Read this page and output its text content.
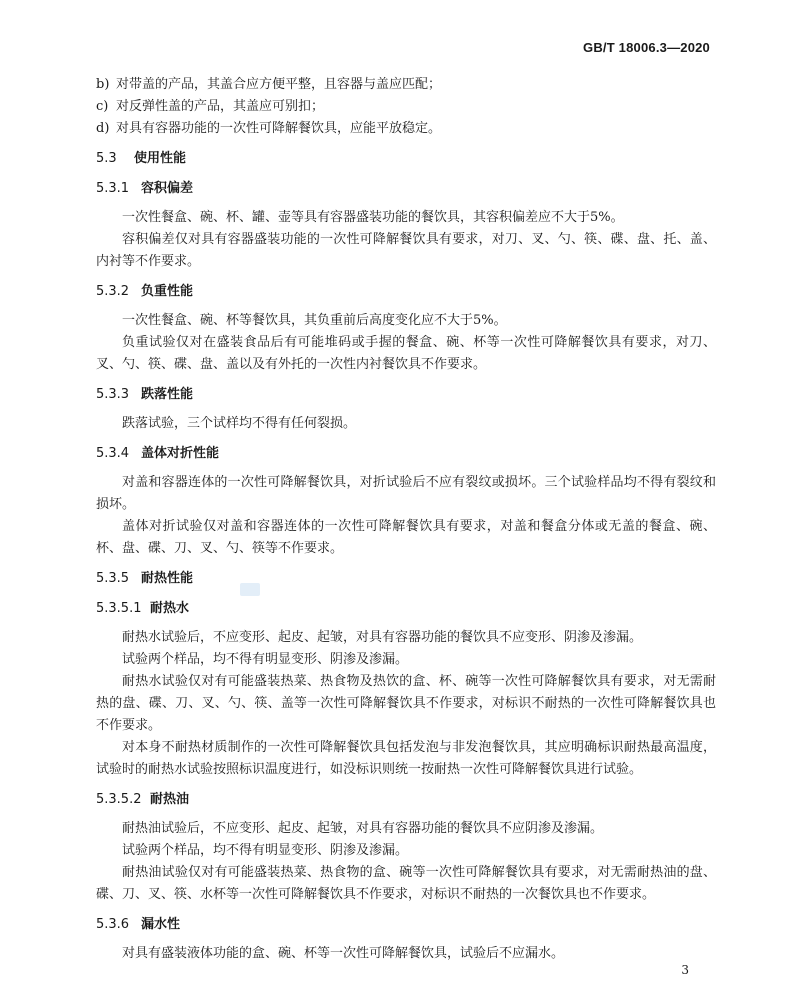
GB/T 18006.3—2020
b) 对带盖的产品，其盖合应方便平整，且容器与盖应匹配；
c) 对反弹性盖的产品，其盖应可别扣；
d) 对具有容器功能的一次性可降解餐饮具，应能平放稳定。
5.3 使用性能
5.3.1 容积偏差

一次性餐盒、碗、杯、罐、壶等具有容器盛装功能的餐饮具，其容积偏差应不大于5%。

容积偏差仅对具有容器盛装功能的一次性可降解餐饮具有要求，对刀、叉、勺、筷、碟、盘、托、盖、内衬等不作要求。

5.3.2 负重性能

一次性餐盒、碗、杯等餐饮具，其负重前后高度变化应不大于5%。

负重试验仅对在盛装食品后有可能堆码或手握的餐盒、碗、杯等一次性可降解餐饮具有要求，对刀、叉、勺、筷、碟、盘、盖以及有外托的一次性内衬餐饮具不作要求。

5.3.3 跌落性能

跌落试验，三个试样均不得有任何裂损。

5.3.4 盖体对折性能

对盖和容器连体的一次性可降解餐饮具，对折试验后不应有裂纹或损坏。三个试验样品均不得有裂纹和损坏。

盖体对折试验仅对盖和容器连体的一次性可降解餐饮具有要求，对盖和餐盒分体或无盖的餐盒、碗、杯、盘、碟、刀、叉、勺、筷等不作要求。

5.3.5 耐热性能
5.3.5.1 耐热水

耐热水试验后，不应变形、起皮、起皱，对具有容器功能的餐饮具不应变形、阴渗及渗漏。

试验两个样品，均不得有明显变形、阴渗及渗漏。

耐热水试验仅对有可能盛装热菜、热食物及热饮的盒、杯、碗等一次性可降解餐饮具有要求，对无需耐热的盘、碟、刀、叉、勺、筷、盖等一次性可降解餐饮具不作要求，对标识不耐热的一次性可降解餐饮具也不作要求。

对本身不耐热材质制作的一次性可降解餐饮具包括发泡与非发泡餐饮具，其应明确标识耐热最高温度，试验时的耐热水试验按照标识温度进行，如没标识则统一按耐热一次性可降解餐饮具进行试验。

5.3.5.2 耐热油

耐热油试验后，不应变形、起皮、起皱，对具有容器功能的餐饮具不应阴渗及渗漏。

试验两个样品，均不得有明显变形、阴渗及渗漏。

耐热油试验仅对有可能盛装热菜、热食物的盒、碗等一次性可降解餐饮具有要求，对无需耐热油的盘、碟、刀、叉、筷、水杯等一次性可降解餐饮具不作要求，对标识不耐热的一次餐饮具也不作要求。

5.3.6 漏水性

对具有盛装液体功能的盒、碗、杯等一次性可降解餐饮具，试验后不应漏水。

3
